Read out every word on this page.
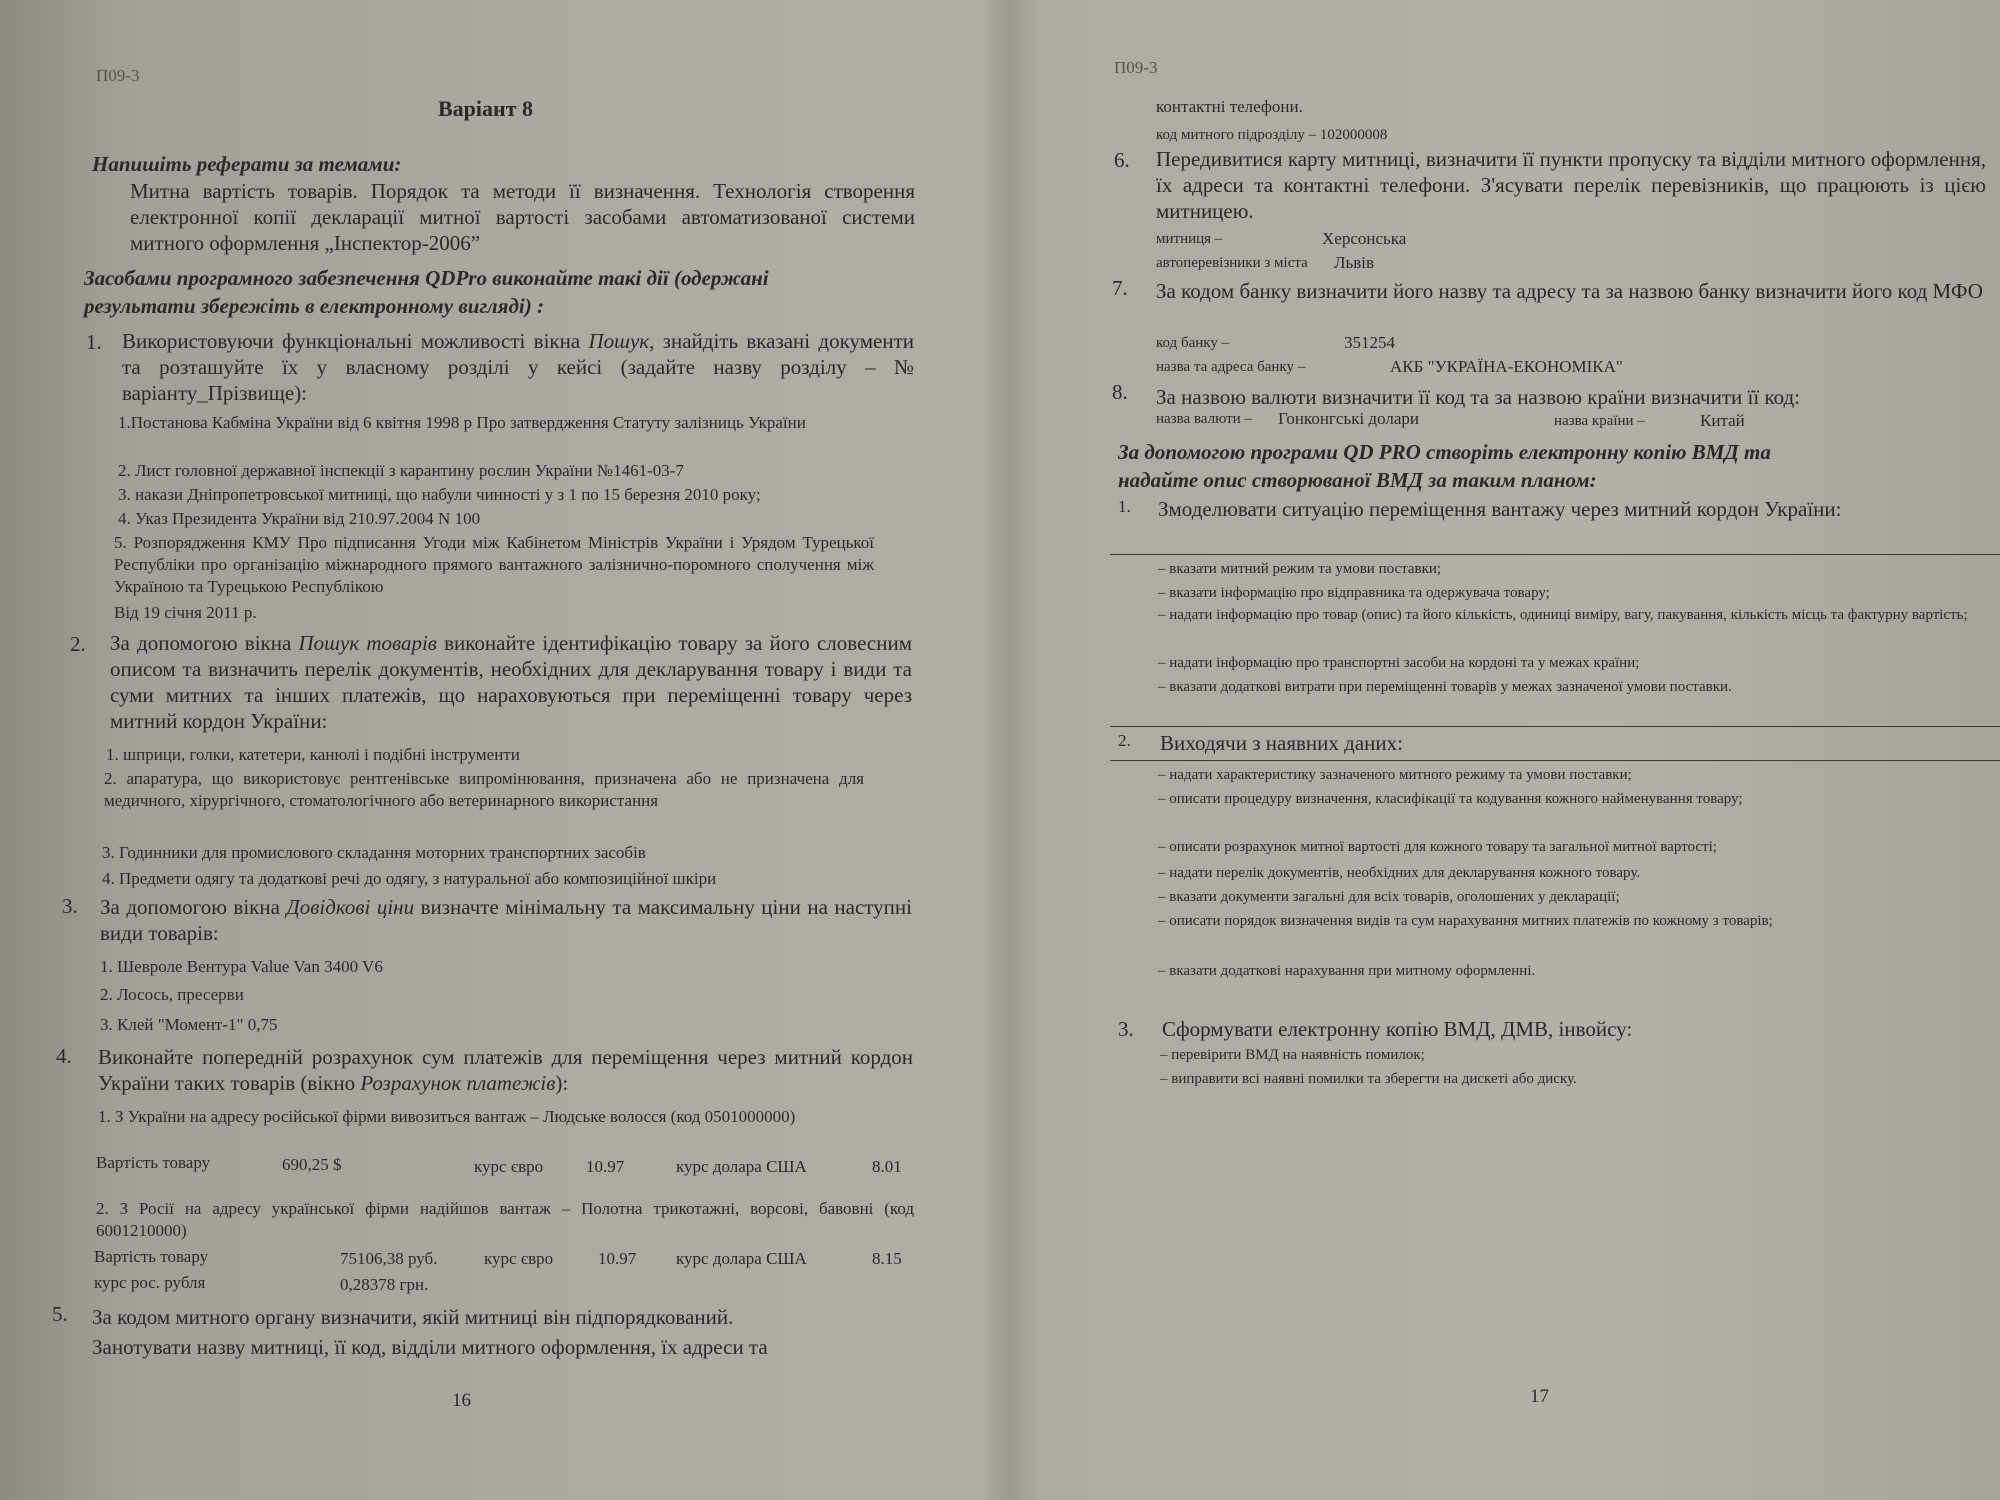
П09-3
Варіант 8
Напишіть реферати за темами:
Митна вартість товарів. Порядок та методи її визначення. Технологія створення електронної копії декларації митної вартості засобами автоматизованої системи митного оформлення „Інспектор-2006”
Засобами програмного забезпечення QDPro виконайте такі дії (одержані
результати збережіть в електронному вигляді) :
1. Використовуючи функціональні можливості вікна Пошук, знайдіть вказані документи та розташуйте їх у власному розділі у кейсі (задайте назву розділу – № варіанту_Прізвище):
1.Постанова Кабміна України від 6 квітня 1998 р Про затвердження Статуту залізниць України
2. Лист головної державної інспекції з карантину рослин України №1461-03-7
3. накази Дніпропетровської митниці, що набули чинності у з 1 по 15 березня 2010 року;
4. Указ Президента України від 210.97.2004 N 100
5. Розпорядження КМУ Про підписання Угоди між Кабінетом Міністрів України і Урядом Турецької Республіки про організацію міжнародного прямого вантажного залізнично-поромного сполучення між Україною та Турецькою Республікою
Від 19 січня 2011 р.
2. За допомогою вікна Пошук товарів виконайте ідентифікацію товару за його словесним описом та визначить перелік документів, необхідних для декларування товару і види та суми митних та інших платежів, що нараховуються при переміщенні товару через митний кордон України:
1. шприци, голки, катетери, канюлі і подібні інструменти
2. апаратура, що використовує рентгенівське випромінювання, призначена або не призначена для медичного, хірургічного, стоматологічного або ветеринарного використання
3. Годинники для промислового складання моторних транспортних засобів
4. Предмети одягу та додаткові речі до одягу, з натуральної або композиційної шкіри
3. За допомогою вікна Довідкові ціни визначте мінімальну та максимальну ціни на наступні види товарів:
1. Шевроле Вентура Value Van 3400 V6
2. Лосось, пресерви
3. Клей "Момент-1" 0,75
4. Виконайте попередній розрахунок сум платежів для переміщення через митний кордон України таких товарів (вікно Розрахунок платежів):
1. З України на адресу російської фірми вивозиться вантаж – Людське волосся (код 0501000000)
Вартість товару	690,25 $	курс євро	10.97	курс долара США	8.01
2. З Росії на адресу української фірми надійшов вантаж – Полотна трикотажні, ворсові, бавовні (код 6001210000)
Вартість товару	75106,38 руб.	курс євро	10.97 курс долара США	8.15
курс рос. рубля	0,28378 грн.
5. За кодом митного органу визначити, якій митниці він підпорядкований.
Занотувати назву митниці, її код, відділи митного оформлення, їх адреси та
16
П09-3
контактні телефони.
код митного підрозділу – 102000008
6. Передивитися карту митниці, визначити її пункти пропуску та відділи митного оформлення, їх адреси та контактні телефони. З'ясувати перелік перевізників, що працюють із цією митницею.
митниця –	Херсонська
автоперевізники з міста Львів
7. За кодом банку визначити його назву та адресу та за назвою банку визначити його код МФО
код банку –	351254
назва та адреса банку –	АКБ "УКРАЇНА-ЕКОНОМІКА"
8. За назвою валюти визначити її код та за назвою країни визначити її код:
назва валюти – Гонконгські долари	назва країни –	Китай
За допомогою програми QD PRO створіть електронну копію ВМД та
надайте опис створюваної ВМД за таким планом:
1. Змоделювати ситуацію переміщення вантажу через митний кордон України:
– вказати митний режим та умови поставки;
– вказати інформацію про відправника та одержувача товару;
– надати інформацію про товар (опис) та його кількість, одиниці виміру, вагу, пакування, кількість місць та фактурну вартість;
– надати інформацію про транспортні засоби на кордоні та у межах країни;
– вказати додаткові витрати при переміщенні товарів у межах зазначеної умови поставки.
2. Виходячи з наявних даних:
– надати характеристику зазначеного митного режиму та умови поставки;
– описати процедуру визначення, класифікації та кодування кожного найменування товару;
– описати розрахунок митної вартості для кожного товару та загальної митної вартості;
– надати перелік документів, необхідних для декларування кожного товару.
– вказати документи загальні для всіх товарів, оголошених у декларації;
– описати порядок визначення видів та сум нарахування митних платежів по кожному з товарів;
– вказати додаткові нарахування при митному оформленні.
3. Сформувати електронну копію ВМД, ДМВ, інвойсу:
– перевірити ВМД на наявність помилок;
– виправити всі наявні помилки та зберегти на дискеті або диску.
17
